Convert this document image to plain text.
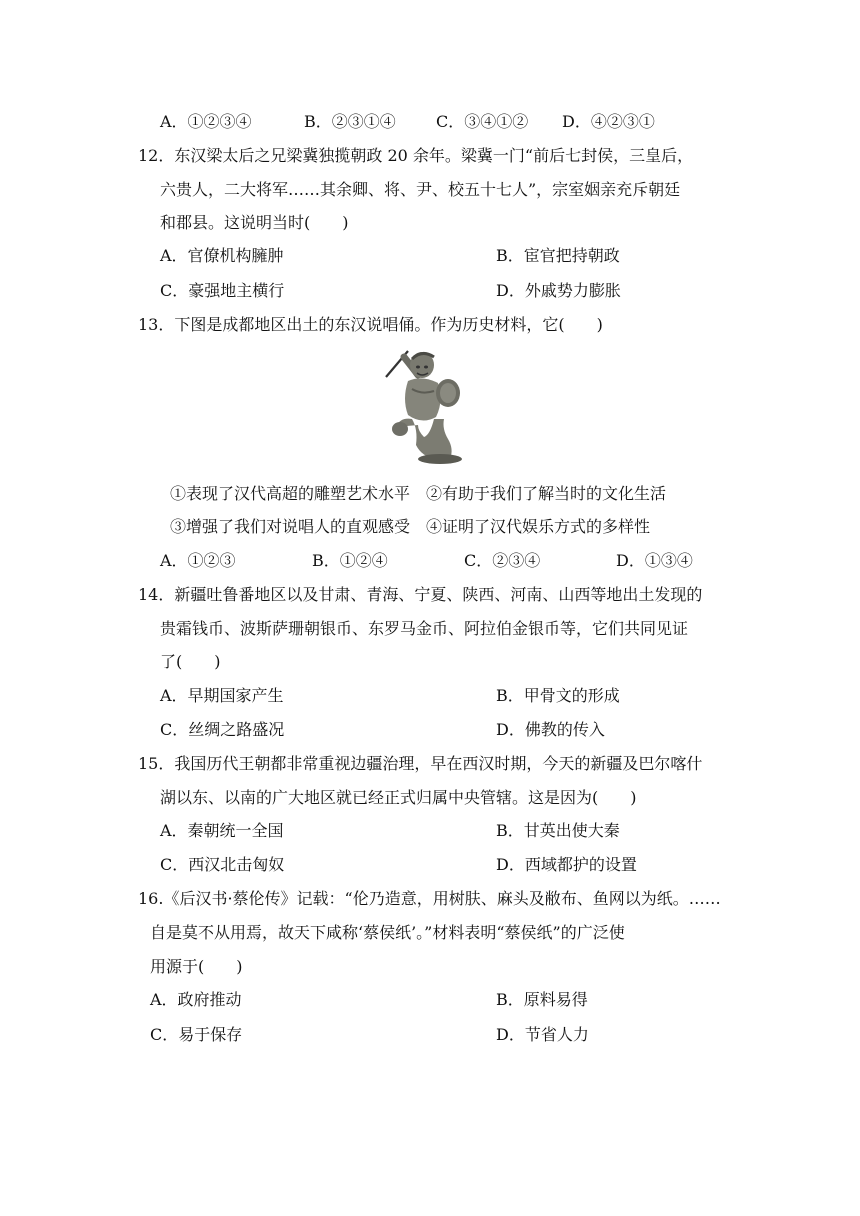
A．①②③④	B．②③①④	C．③④①② D．④②③①
12．东汉梁太后之兄梁冀独揽朝政 20 余年。梁冀一门“前后七封侯，三皇后，
六贵人，二大将军……其余卿、将、尹、校五十七人”，宗室姻亲充斥朝廷
和郡县。这说明当时(　　)
A．官僚机构臃肿	B．宦官把持朝政
C．豪强地主横行	D．外戚势力膨胀
13．下图是成都地区出土的东汉说唱俑。作为历史材料，它(　　)
①表现了汉代高超的雕塑艺术水平　②有助于我们了解当时的文化生活
③增强了我们对说唱人的直观感受　④证明了汉代娱乐方式的多样性
A．①②③	B．①②④	C．②③④	D．①③④
14．新疆吐鲁番地区以及甘肃、青海、宁夏、陕西、河南、山西等地出土发现的
贵霜钱币、波斯萨珊朝银币、东罗马金币、阿拉伯金银币等，它们共同见证
了(　　)
A．早期国家产生	B．甲骨文的形成
C．丝绸之路盛况	D．佛教的传入
15．我国历代王朝都非常重视边疆治理，早在西汉时期，今天的新疆及巴尔喀什
湖以东、以南的广大地区就已经正式归属中央管辖。这是因为(　　)
A．秦朝统一全国	B．甘英出使大秦
C．西汉北击匈奴	D．西域都护的设置
16.《后汉书·蔡伦传》记载：“伦乃造意，用树肤、麻头及敝布、鱼网以为纸。……
自是莫不从用焉，故天下咸称‘蔡侯纸’。”材料表明“蔡侯纸”的广泛使
用源于(　　)
A．政府推动	B．原料易得
C．易于保存	D．节省人力
